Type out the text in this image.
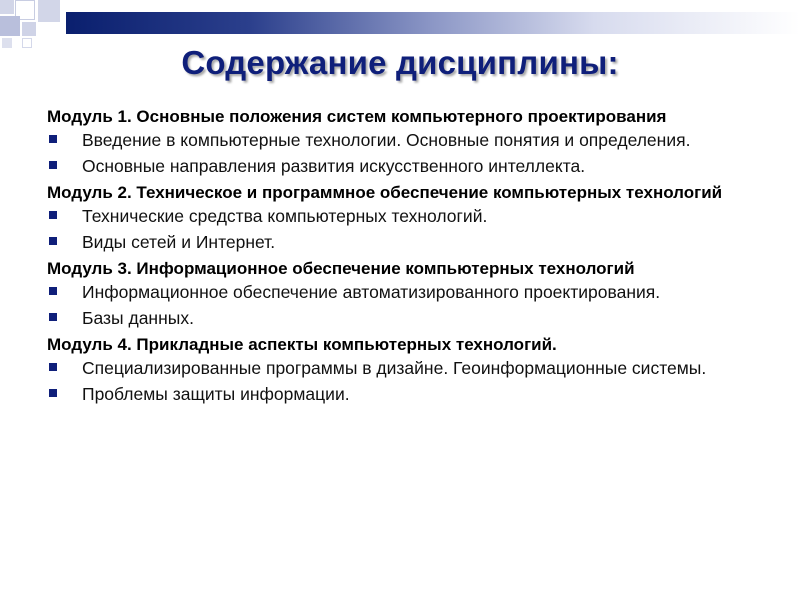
Содержание дисциплины:
Модуль 1. Основные положения систем компьютерного проектирования
Введение в компьютерные технологии. Основные понятия и определения.
Основные направления развития искусственного интеллекта.
Модуль 2. Техническое и программное обеспечение компьютерных технологий
Технические средства компьютерных технологий.
Виды сетей и Интернет.
Модуль 3. Информационное обеспечение компьютерных технологий
Информационное обеспечение автоматизированного проектирования.
Базы данных.
Модуль 4. Прикладные аспекты компьютерных технологий.
Специализированные программы в дизайне. Геоинформационные системы.
Проблемы защиты информации.
